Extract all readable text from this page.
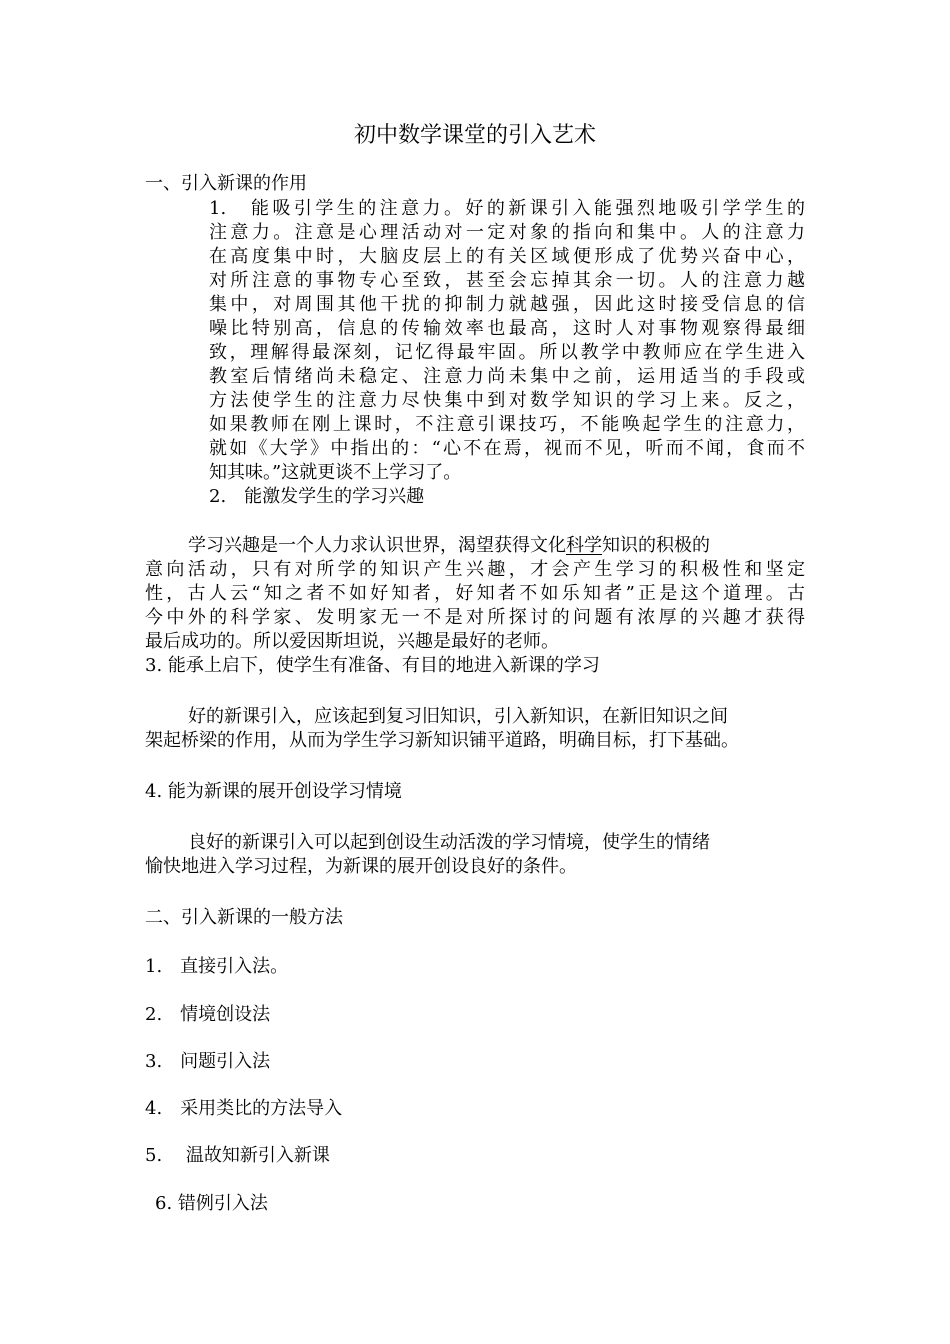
初中数学课堂的引入艺术
一、引入新课的作用
1.　能吸引学生的注意力。好的新课引入能强烈地吸引学学生的
注意力。注意是心理活动对一定对象的指向和集中。人的注意力
在高度集中时，大脑皮层上的有关区域便形成了优势兴奋中心，
对所注意的事物专心至致，甚至会忘掉其余一切。人的注意力越
集中，对周围其他干扰的抑制力就越强，因此这时接受信息的信
噪比特别高，信息的传输效率也最高，这时人对事物观察得最细
致，理解得最深刻，记忆得最牢固。所以教学中教师应在学生进入
教室后情绪尚未稳定、注意力尚未集中之前，运用适当的手段或
方法使学生的注意力尽快集中到对数学知识的学习上来。反之，
如果教师在刚上课时，不注意引课技巧，不能唤起学生的注意力，
就如《大学》中指出的：“心不在焉，视而不见，听而不闻，食而不
知其味。”这就更谈不上学习了。
2.　能激发学生的学习兴趣
学习兴趣是一个人力求认识世界，渴望获得文化科学知识的积极的
意向活动，只有对所学的知识产生兴趣，才会产生学习的积极性和坚定
性，古人云“知之者不如好知者，好知者不如乐知者”正是这个道理。古
今中外的科学家、发明家无一不是对所探讨的问题有浓厚的兴趣才获得
最后成功的。所以爱因斯坦说，兴趣是最好的老师。
3. 能承上启下，使学生有准备、有目的地进入新课的学习
好的新课引入，应该起到复习旧知识，引入新知识，在新旧知识之间
架起桥梁的作用，从而为学生学习新知识铺平道路，明确目标，打下基础。
4. 能为新课的展开创设学习情境
良好的新课引入可以起到创设生动活泼的学习情境，使学生的情绪
愉快地进入学习过程，为新课的展开创设良好的条件。
二、引入新课的一般方法
1.　直接引入法。
2.　情境创设法
3.　问题引入法
4.　采用类比的方法导入
5.　 温故知新引入新课
6. 错例引入法
